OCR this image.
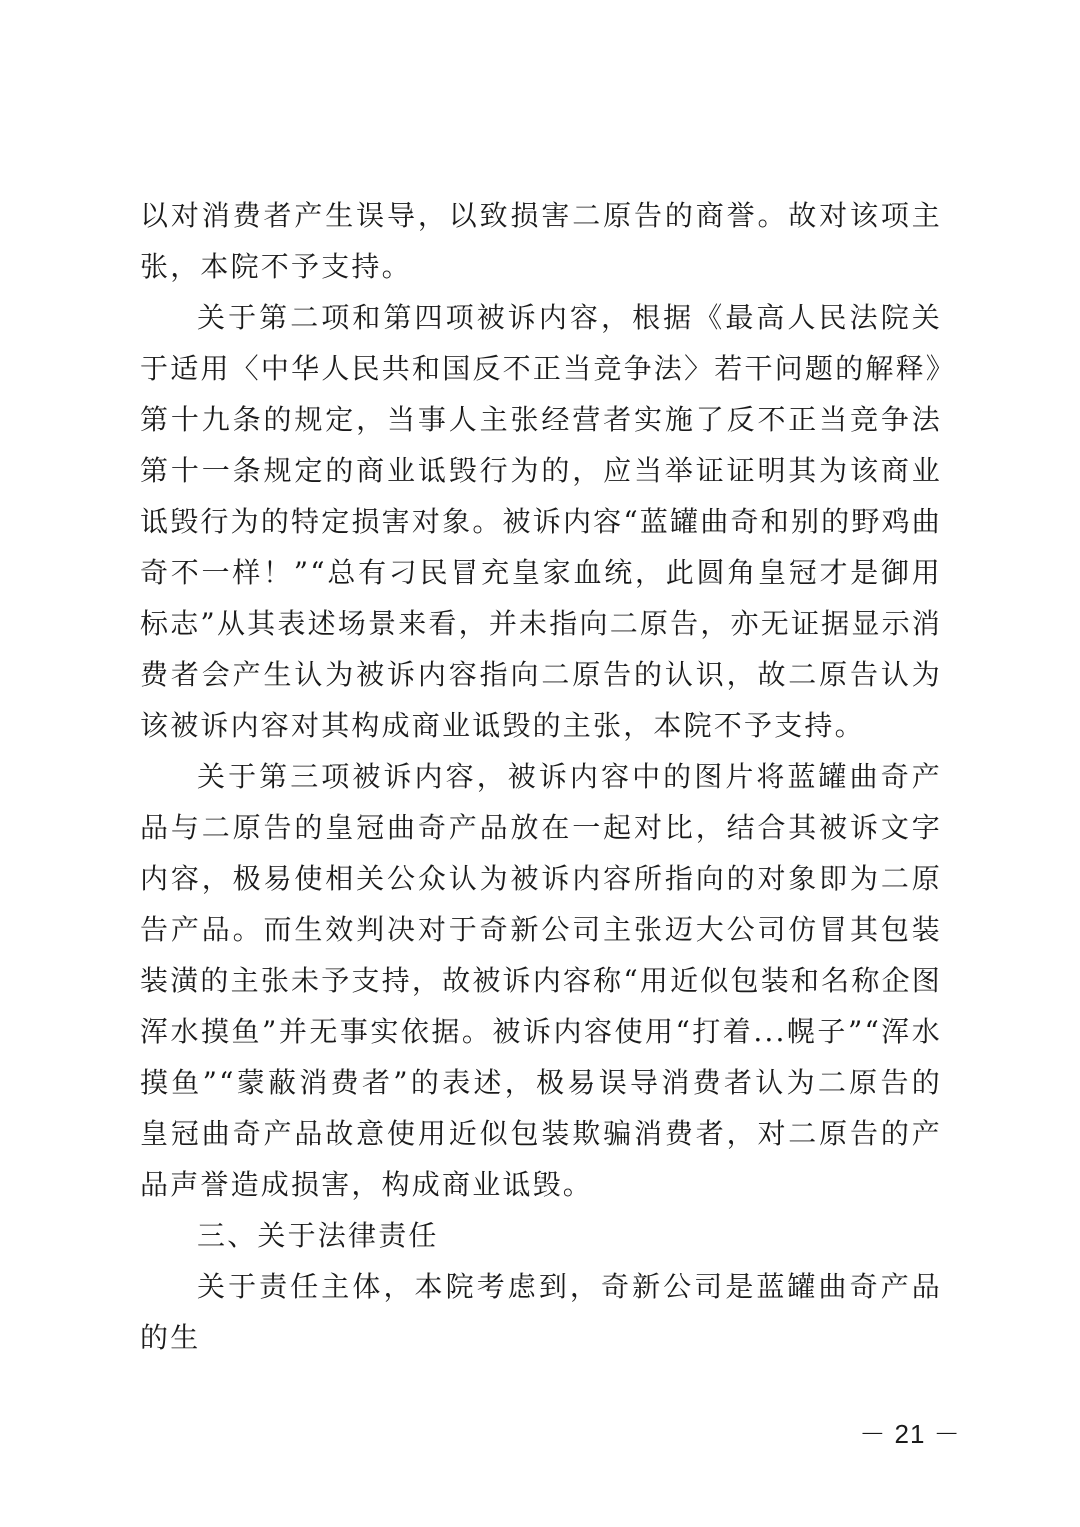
以对消费者产生误导，以致损害二原告的商誉。故对该项主张，本院不予支持。

关于第二项和第四项被诉内容，根据《最高人民法院关于适用〈中华人民共和国反不正当竞争法〉若干问题的解释》第十九条的规定，当事人主张经营者实施了反不正当竞争法第十一条规定的商业诋毁行为的，应当举证证明其为该商业诋毁行为的特定损害对象。被诉内容“蓝罐曲奇和别的野鸡曲奇不一样！”“总有刁民冒充皇家血统，此圆角皇冠才是御用标志”从其表述场景来看，并未指向二原告，亦无证据显示消费者会产生认为被诉内容指向二原告的认识，故二原告认为该被诉内容对其构成商业诋毁的主张，本院不予支持。

关于第三项被诉内容，被诉内容中的图片将蓝罐曲奇产品与二原告的皇冠曲奇产品放在一起对比，结合其被诉文字内容，极易使相关公众认为被诉内容所指向的对象即为二原告产品。而生效判决对于奇新公司主张迈大公司仿冒其包装装潢的主张未予支持，故被诉内容称“用近似包装和名称企图浑水摸鱼”并无事实依据。被诉内容使用“打着...幌子”“浑水摸鱼”“蒙蔽消费者”的表述，极易误导消费者认为二原告的皇冠曲奇产品故意使用近似包装欺骗消费者，对二原告的产品声誉造成损害，构成商业诋毁。

三、关于法律责任

关于责任主体，本院考虑到，奇新公司是蓝罐曲奇产品的生

－ 21 －
